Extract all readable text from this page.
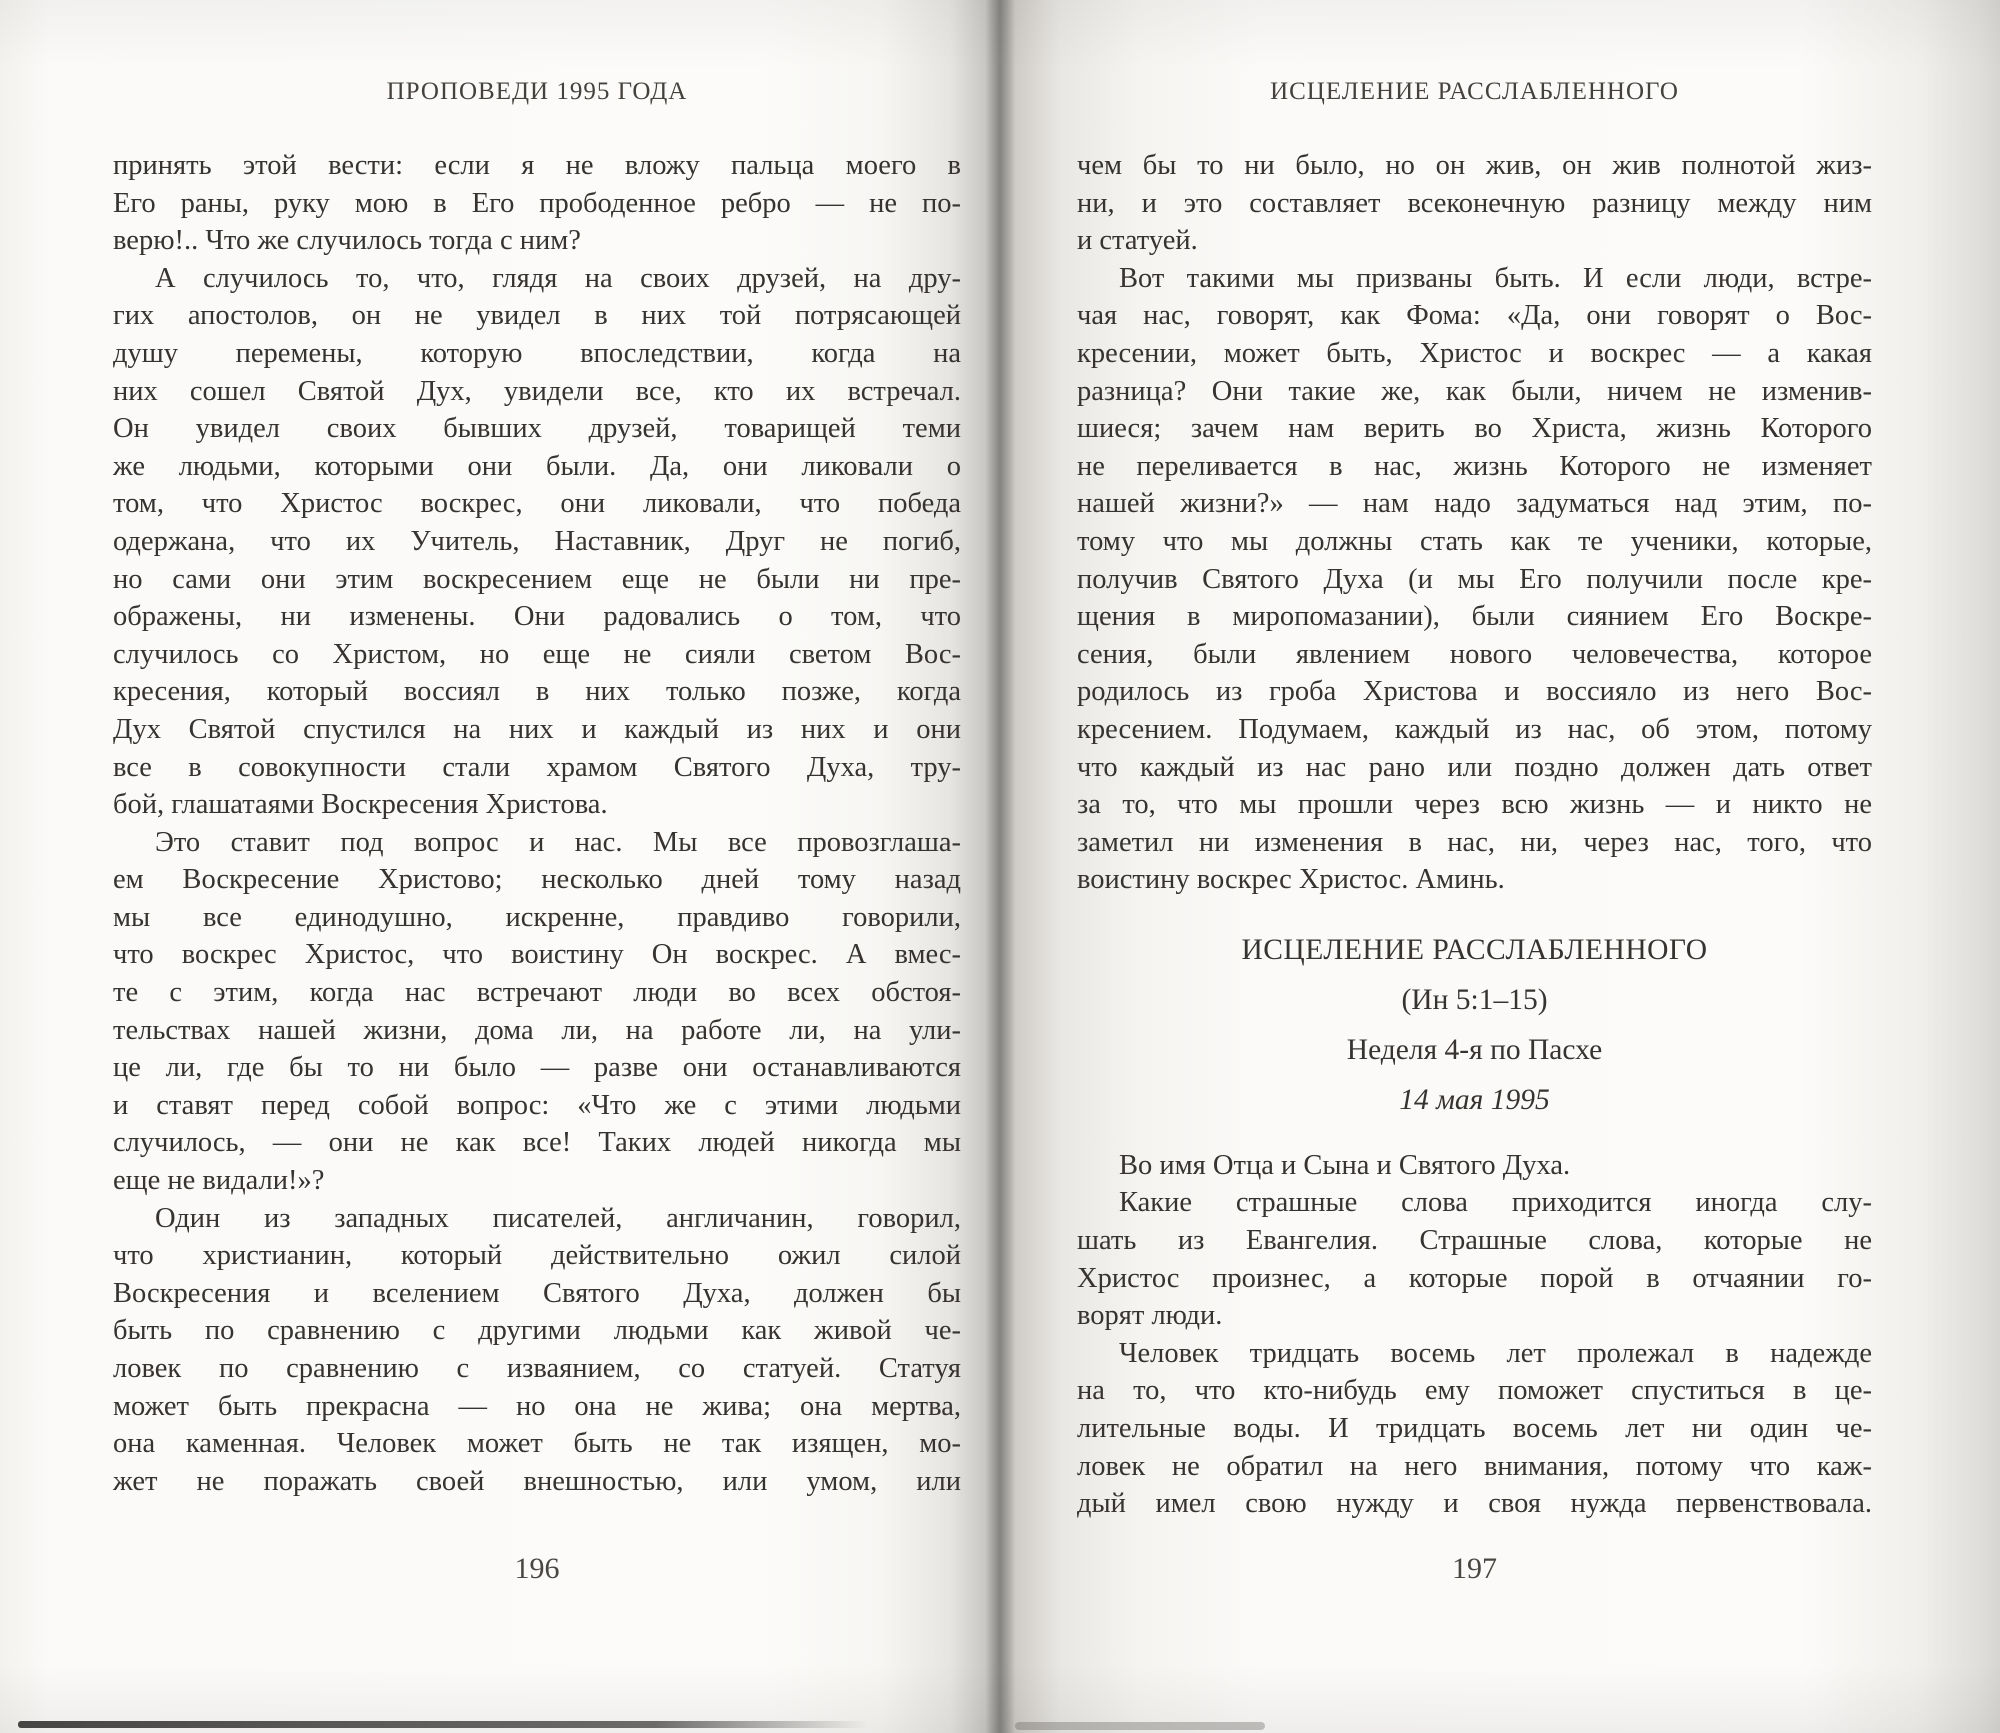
ПРОПОВЕДИ 1995 ГОДА
принять этой вести: если я не вложу пальца моего в
Его раны, руку мою в Его прободенное ребро — не по-
верю!.. Что же случилось тогда с ним?
А случилось то, что, глядя на своих друзей, на дру-
гих апостолов, он не увидел в них той потрясающей
душу перемены, которую впоследствии, когда на
них сошел Святой Дух, увидели все, кто их встречал.
Он увидел своих бывших друзей, товарищей теми
же людьми, которыми они были. Да, они ликовали о
том, что Христос воскрес, они ликовали, что победа
одержана, что их Учитель, Наставник, Друг не погиб,
но сами они этим воскресением еще не были ни пре-
ображены, ни изменены. Они радовались о том, что
случилось со Христом, но еще не сияли светом Вос-
кресения, который воссиял в них только позже, когда
Дух Святой спустился на них и каждый из них и они
все в совокупности стали храмом Святого Духа, тру-
бой, глашатаями Воскресения Христова.
Это ставит под вопрос и нас. Мы все провозглаша-
ем Воскресение Христово; несколько дней тому назад
мы все единодушно, искренне, правдиво говорили,
что воскрес Христос, что воистину Он воскрес. А вмес-
те с этим, когда нас встречают люди во всех обстоя-
тельствах нашей жизни, дома ли, на работе ли, на ули-
це ли, где бы то ни было — разве они останавливаются
и ставят перед собой вопрос: «Что же с этими людьми
случилось, — они не как все! Таких людей никогда мы
еще не видали!»?
Один из западных писателей, англичанин, говорил,
что христианин, который действительно ожил силой
Воскресения и вселением Святого Духа, должен бы
быть по сравнению с другими людьми как живой че-
ловек по сравнению с изваянием, со статуей. Статуя
может быть прекрасна — но она не жива; она мертва,
она каменная. Человек может быть не так изящен, мо-
жет не поражать своей внешностью, или умом, или
196
ИСЦЕЛЕНИЕ РАССЛАБЛЕННОГО
чем бы то ни было, но он жив, он жив полнотой жиз-
ни, и это составляет всеконечную разницу между ним
и статуей.
Вот такими мы призваны быть. И если люди, встре-
чая нас, говорят, как Фома: «Да, они говорят о Вос-
кресении, может быть, Христос и воскрес — а какая
разница? Они такие же, как были, ничем не изменив-
шиеся; зачем нам верить во Христа, жизнь Которого
не переливается в нас, жизнь Которого не изменяет
нашей жизни?» — нам надо задуматься над этим, по-
тому что мы должны стать как те ученики, которые,
получив Святого Духа (и мы Его получили после кре-
щения в миропомазании), были сиянием Его Воскре-
сения, были явлением нового человечества, которое
родилось из гроба Христова и воссияло из него Вос-
кресением. Подумаем, каждый из нас, об этом, потому
что каждый из нас рано или поздно должен дать ответ
за то, что мы прошли через всю жизнь — и никто не
заметил ни изменения в нас, ни, через нас, того, что
воистину воскрес Христос. Аминь.
ИСЦЕЛЕНИЕ РАССЛАБЛЕННОГО
(Ин 5:1–15)
Неделя 4-я по Пасхе
14 мая 1995
Во имя Отца и Сына и Святого Духа.
Какие страшные слова приходится иногда слу-
шать из Евангелия. Страшные слова, которые не
Христос произнес, а которые порой в отчаянии го-
ворят люди.
Человек тридцать восемь лет пролежал в надежде
на то, что кто-нибудь ему поможет спуститься в це-
лительные воды. И тридцать восемь лет ни один че-
ловек не обратил на него внимания, потому что каж-
дый имел свою нужду и своя нужда первенствовала.
197
